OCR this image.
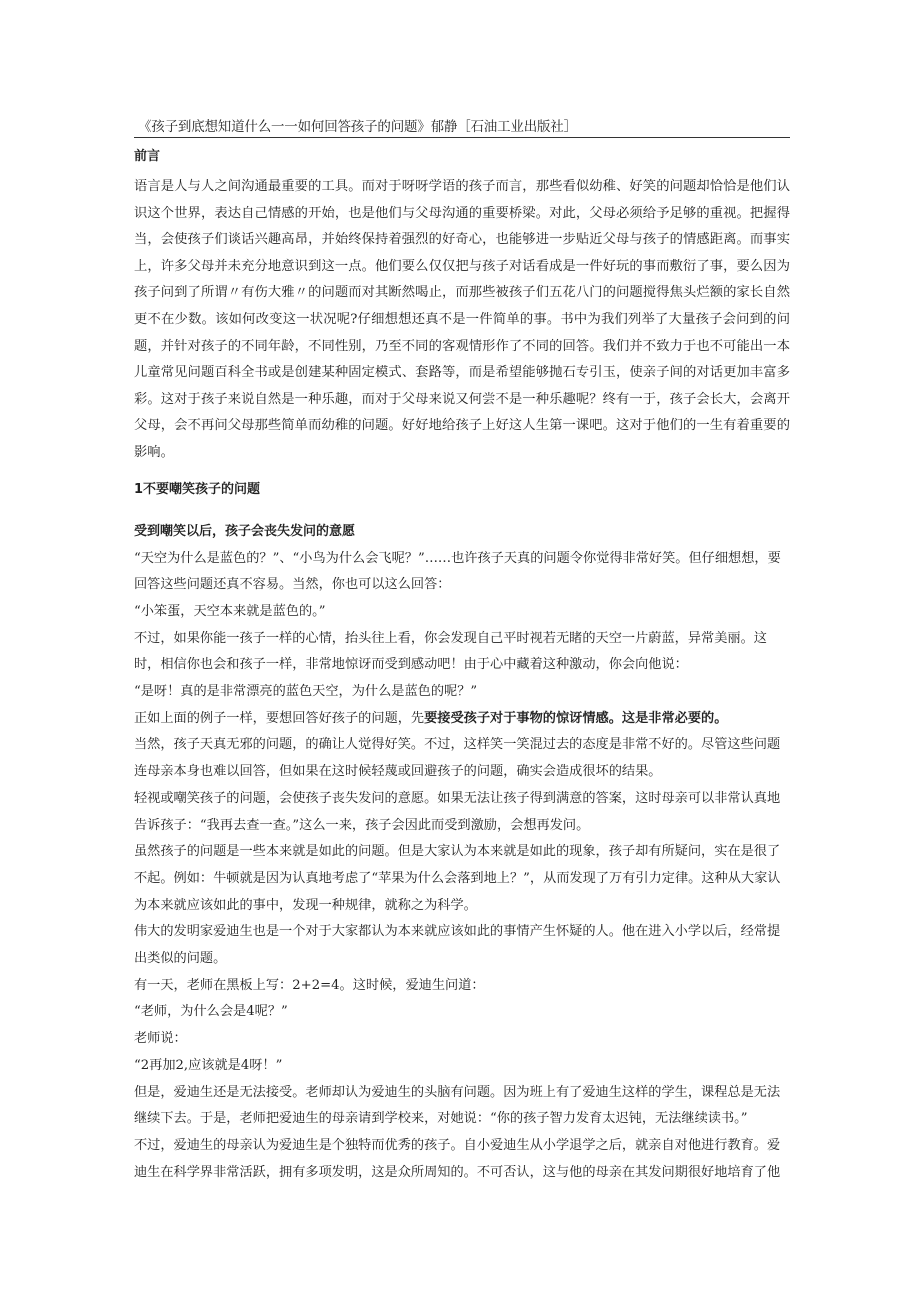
《孩子到底想知道什么一一如何回答孩子的问题》郁静［石油工业出版社］
前言

语言是人与人之间沟通最重要的工具。而对于呀呀学语的孩子而言，那些看似幼稚、好笑的问题却恰恰是他们认识这个世界，表达自己情感的开始，也是他们与父母沟通的重要桥梁。对此，父母必须给予足够的重视。把握得当，会使孩子们谈话兴趣高昂，并始终保持着强烈的好奇心，也能够进一步贴近父母与孩子的情感距离。而事实上，许多父母并未充分地意识到这一点。他们要么仅仅把与孩子对话看成是一件好玩的事而敷衍了事，要么因为孩子问到了所谓〃有伤大雅〃的问题而对其断然喝止，而那些被孩子们五花八门的问题搅得焦头烂额的家长自然更不在少数。该如何改变这一状况呢?仔细想想还真不是一件简单的事。书中为我们列举了大量孩子会问到的问题，并针对孩子的不同年龄，不同性别，乃至不同的客观情形作了不同的回答。我们并不致力于也不可能出一本儿童常见问题百科全书或是创建某种固定模式、套路等，而是希望能够抛石专引玉，使亲子间的对话更加丰富多彩。这对于孩子来说自然是一种乐趣，而对于父母来说又何尝不是一种乐趣呢？终有一于，孩子会长大，会离开父母，会不再问父母那些简单而幼稚的问题。好好地给孩子上好这人生第一课吧。这对于他们的一生有着重要的影响。

1不要嘲笑孩子的问题
受到嘲笑以后，孩子会丧失发问的意愿

“天空为什么是蓝色的？”、“小鸟为什么会飞呢？”……也许孩子天真的问题令你觉得非常好笑。但仔细想想，要回答这些问题还真不容易。当然，你也可以这么回答：

“小笨蛋，天空本来就是蓝色的。”

不过，如果你能一孩子一样的心情，抬头往上看，你会发现自己平时视若无睹的天空一片蔚蓝，异常美丽。这时，相信你也会和孩子一样，非常地惊讶而受到感动吧！由于心中藏着这种激动，你会向他说：

“是呀！真的是非常漂亮的蓝色天空，为什么是蓝色的呢？”

正如上面的例子一样，要想回答好孩子的问题，先要接受孩子对于事物的惊讶情感。这是非常必要的。

当然，孩子天真无邪的问题，的确让人觉得好笑。不过，这样笑一笑混过去的态度是非常不好的。尽管这些问题连母亲本身也难以回答，但如果在这时候轻蔑或回避孩子的问题，确实会造成很坏的结果。

轻视或嘲笑孩子的问题，会使孩子丧失发问的意愿。如果无法让孩子得到满意的答案，这时母亲可以非常认真地告诉孩子：“我再去查一查。”这么一来，孩子会因此而受到激励，会想再发问。

虽然孩子的问题是一些本来就是如此的问题。但是大家认为本来就是如此的现象，孩子却有所疑问，实在是很了不起。例如：牛顿就是因为认真地考虑了“苹果为什么会落到地上？”，从而发现了万有引力定律。这种从大家认为本来就应该如此的事中，发现一种规律，就称之为科学。

伟大的发明家爱迪生也是一个对于大家都认为本来就应该如此的事情产生怀疑的人。他在进入小学以后，经常提出类似的问题。

有一天，老师在黑板上写：2+2=4。这时候，爱迪生问道：

“老师，为什么会是4呢？”

老师说：

“2再加2,应该就是4呀！”

但是，爱迪生还是无法接受。老师却认为爱迪生的头脑有问题。因为班上有了爱迪生这样的学生，课程总是无法继续下去。于是，老师把爱迪生的母亲请到学校来，对她说：“你的孩子智力发育太迟钝，无法继续读书。”

不过，爱迪生的母亲认为爱迪生是个独特而优秀的孩子。自小爱迪生从小学退学之后，就亲自对他进行教育。爱迪生在科学界非常活跃，拥有多项发明，这是众所周知的。不可否认，这与他的母亲在其发问期很好地培育了他
